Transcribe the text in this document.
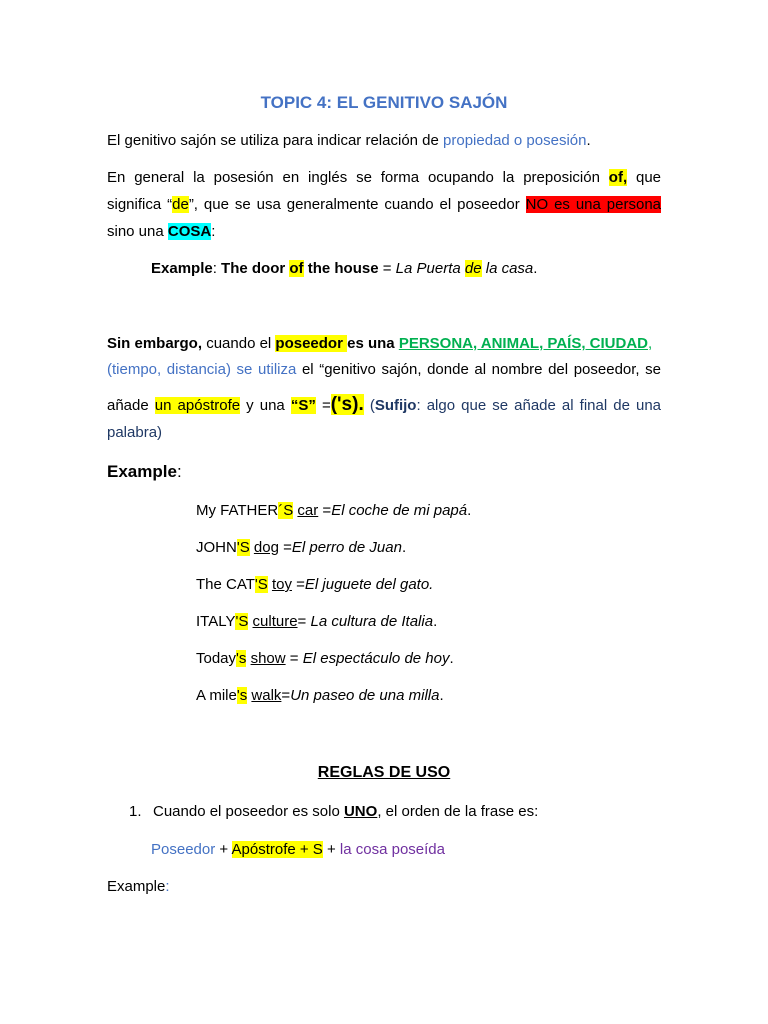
TOPIC 4: EL GENITIVO SAJÓN

El genitivo sajón se utiliza para indicar relación de propiedad o posesión.

En general la posesión en inglés se forma ocupando la preposición of, que

significa “de”, que se usa generalmente cuando el poseedor NO es una persona

sino una COSA:

Example: The door of the house = La Puerta de la casa.

Sin embargo, cuando el poseedor es una PERSONA, ANIMAL, PAÍS, CIUDAD,

(tiempo, distancia) se utiliza el “genitivo sajón, donde al nombre del poseedor, se

añade un apóstrofe y una “S” =('s). (Sufijo: algo que se añade al final de una

palabra)

Example:

My FATHER´S car =El coche de mi papá.

JOHN'S dog =El perro de Juan.

The CAT'S toy =El juguete del gato.

ITALY'S culture= La cultura de Italia.

Today's show = El espectáculo de hoy.

A mile's walk=Un paseo de una milla.

REGLAS DE USO

1. Cuando el poseedor es solo UNO, el orden de la frase es:

Poseedor + Apóstrofe + S + la cosa poseída

Example:
